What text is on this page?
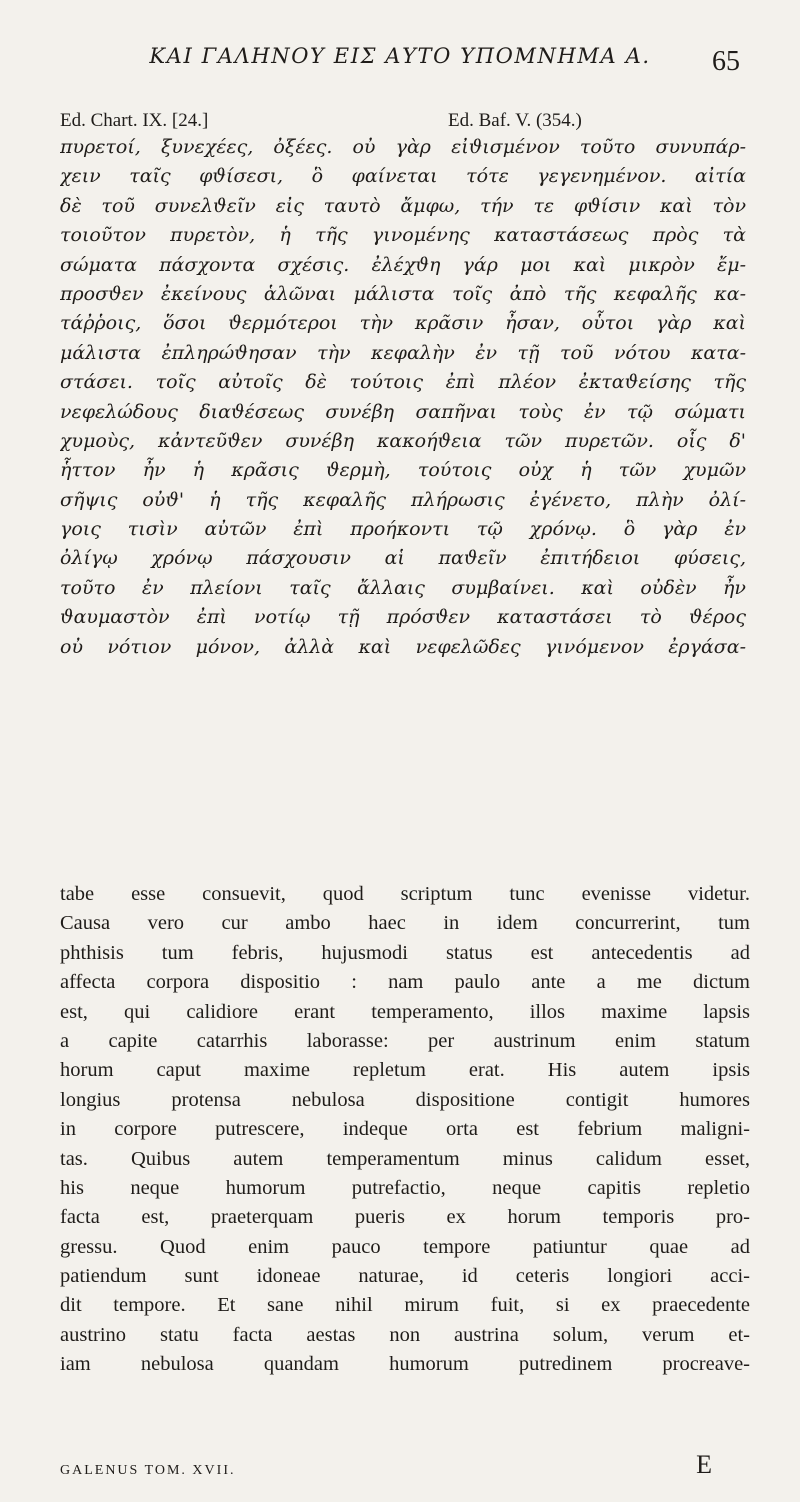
ΚΑΙ ΓΑΛΗΝΟΥ ΕΙΣ ΑΥΤΟ ΥΠΟΜΝΗΜΑ Α.	65
Ed. Chart. IX. [24.]	Ed. Baf. V. (354.)
πυρετοί, ξυνεχέες, ὀξέες. οὐ γὰρ εἰϑισμένον τοῦτο συνυπάρ-
χειν ταῖς φϑίσεσι, ὃ φαίνεται τότε γεγενημένον. αἰτία
δὲ τοῦ συνελϑεῖν εἰς ταυτὸ ἄμφω, τήν τε φϑίσιν καὶ τὸν
τοιοῦτον πυρετὸν, ἡ τῆς γινομένης καταστάσεως πρὸς τὰ
σώματα πάσχοντα σχέσις. ἐλέχϑη γάρ μοι καὶ μικρὸν ἔμ-
προσϑεν ἐκείνους ἁλῶναι μάλιστα τοῖς ἀπὸ τῆς κεφαλῆς κα-
τάῤῥοις, ὅσοι ϑερμότεροι τὴν κρᾶσιν ἦσαν, οὗτοι γὰρ καὶ
μάλιστα ἐπληρώϑησαν τὴν κεφαλὴν ἐν τῇ τοῦ νότου κατα-
στάσει. τοῖς αὐτοῖς δὲ τούτοις ἐπὶ πλέον ἐκταϑείσης τῆς
νεφελώδους διαϑέσεως συνέβη σαπῆναι τοὺς ἐν τῷ σώματι
χυμοὺς, κἀντεῦϑεν συνέβη κακοήϑεια τῶν πυρετῶν. οἷς δ'
ἧττον ἦν ἡ κρᾶσις ϑερμὴ, τούτοις οὐχ ἡ τῶν χυμῶν
σῆψις οὐϑ' ἡ τῆς κεφαλῆς πλήρωσις ἐγένετο, πλὴν ὀλί-
γοις τισὶν αὐτῶν ἐπὶ προήκοντι τῷ χρόνῳ. ὃ γὰρ ἐν
ὀλίγῳ χρόνῳ πάσχουσιν αἱ παϑεῖν ἐπιτήδειοι φύσεις,
τοῦτο ἐν πλείονι ταῖς ἄλλαις συμβαίνει. καὶ οὐδὲν ἦν
ϑαυμαστὸν ἐπὶ νοτίῳ τῇ πρόσϑεν καταστάσει τὸ ϑέρος
οὐ νότιον μόνον, ἀλλὰ καὶ νεφελῶδες γινόμενον ἐργάσα-
tabe esse consuevit, quod scriptum tunc evenisse videtur.
Causa vero cur ambo haec in idem concurrerint, tum
phthisis tum febris, hujusmodi status est antecedentis ad
affecta corpora dispositio : nam paulo ante a me dictum
est, qui calidiore erant temperamento, illos maxime lapsis
a capite catarrhis laborasse: per austrinum enim statum
horum caput maxime repletum erat. His autem ipsis
longius protensa nebulosa dispositione contigit humores
in corpore putrescere, indeque orta est febrium maligni-
tas. Quibus autem temperamentum minus calidum esset,
his neque humorum putrefactio, neque capitis repletio
facta est, praeterquam pueris ex horum temporis pro-
gressu. Quod enim pauco tempore patiuntur quae ad
patiendum sunt idoneae naturae, id ceteris longiori acci-
dit tempore. Et sane nihil mirum fuit, si ex praecedente
austrino statu facta aestas non austrina solum, verum et-
iam nebulosa quandam humorum putredinem procreave-
GALENUS TOM. XVII.	E
